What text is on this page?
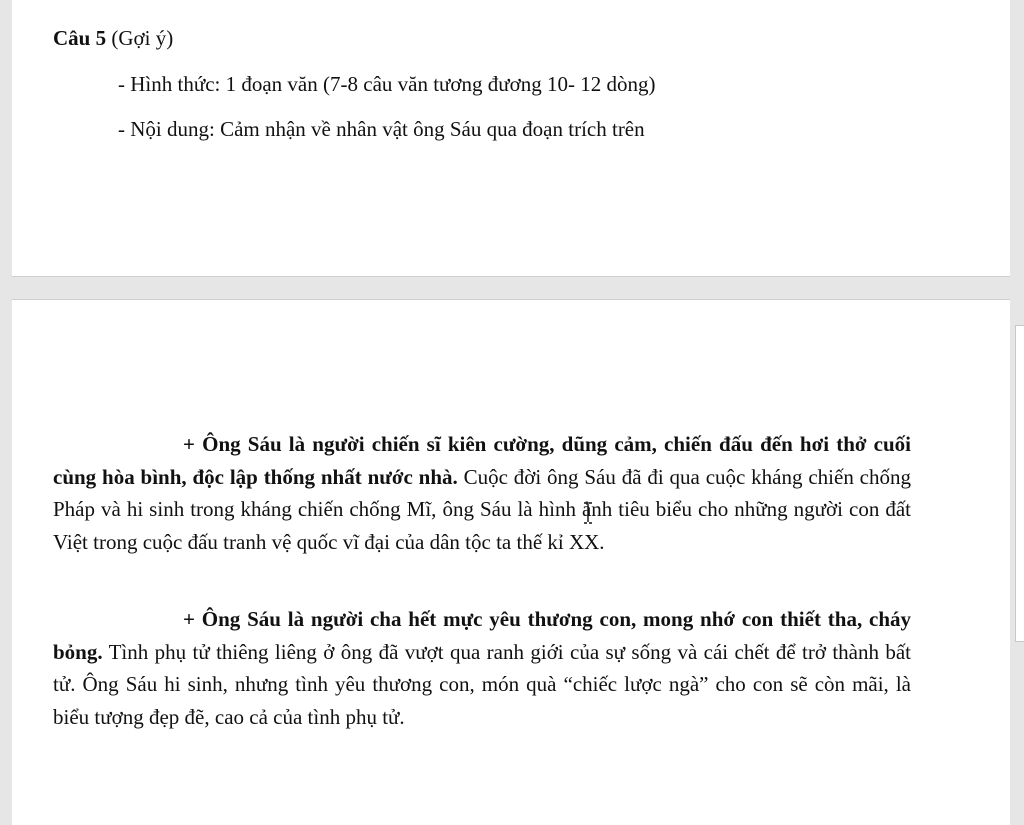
Câu 5 (Gợi ý)
- Hình thức: 1 đoạn văn (7-8 câu văn tương đương 10- 12 dòng)
- Nội dung: Cảm nhận về nhân vật ông Sáu qua đoạn trích trên

+ Ông Sáu là người chiến sĩ kiên cường, dũng cảm, chiến đấu đến hơi thở cuối cùng hòa bình, độc lập thống nhất nước nhà. Cuộc đời ông Sáu đã đi qua cuộc kháng chiến chống Pháp và hi sinh trong kháng chiến chống Mĩ, ông Sáu là hình ảnh tiêu biểu cho những người con đất Việt trong cuộc đấu tranh vệ quốc vĩ đại của dân tộc ta thế kỉ XX.

+ Ông Sáu là người cha hết mực yêu thương con, mong nhớ con thiết tha, cháy bỏng. Tình phụ tử thiêng liêng ở ông đã vượt qua ranh giới của sự sống và cái chết để trở thành bất tử. Ông Sáu hi sinh, nhưng tình yêu thương con, món quà “chiếc lược ngà” cho con sẽ còn mãi, là biểu tượng đẹp đẽ, cao cả của tình phụ tử.
